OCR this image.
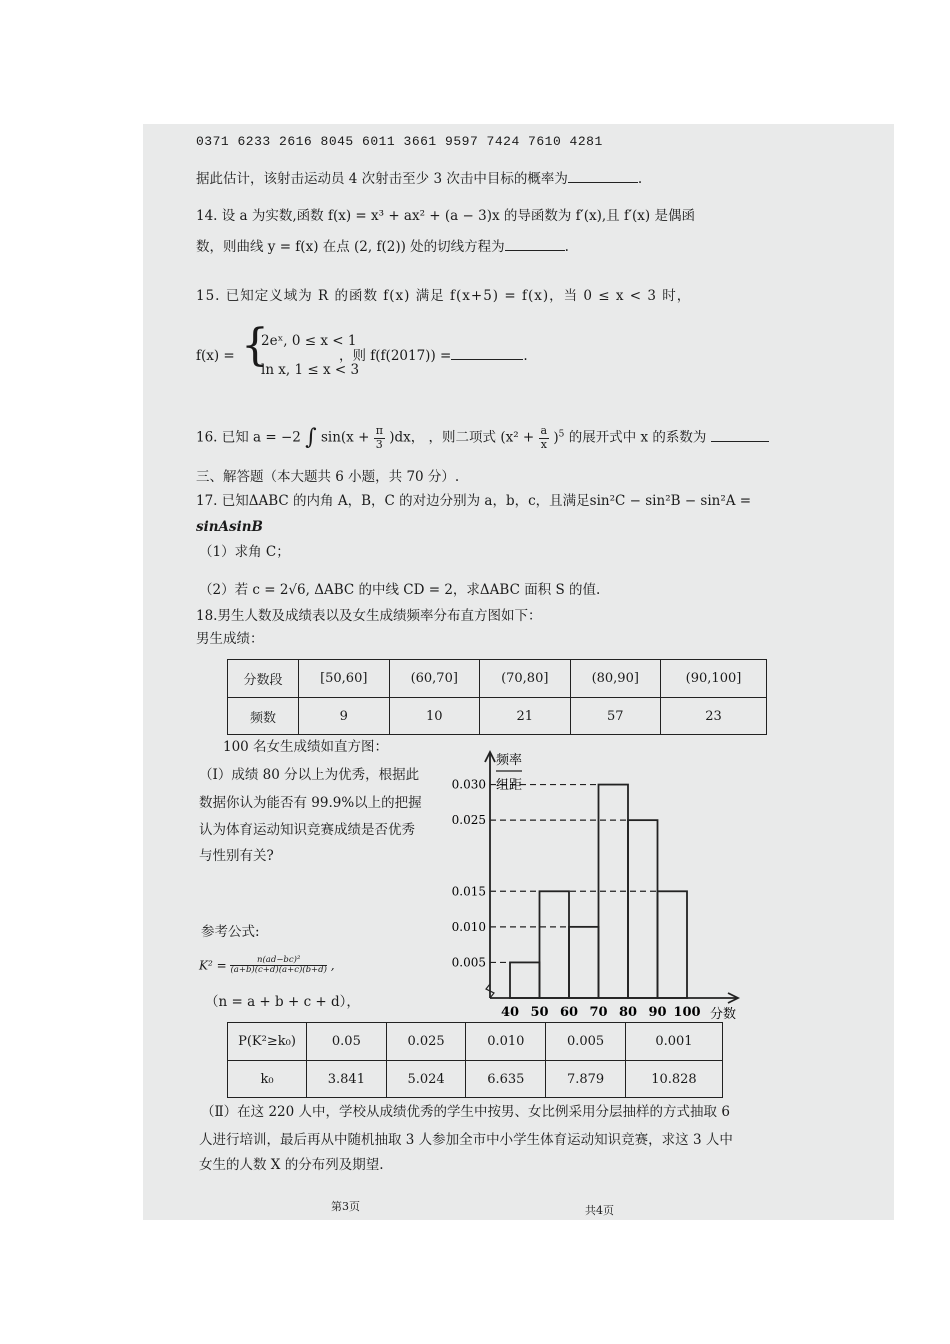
0371 6233 2616 8045 6011 3661 9597 7424 7610 4281
据此估计，该射击运动员 4 次射击至少 3 次击中目标的概率为	.
14. 设 a 为实数,函数 f(x) = x³ + ax² + (a − 3)x 的导函数为 f′(x),且 f′(x) 是偶函
数，则曲线 y = f(x) 在点 (2, f(2)) 处的切线方程为	.
15. 已知定义域为 R 的函数 f(x) 满足 f(x+5) = f(x)，当 0 ≤ x < 3 时，
f(x) = {
2eˣ, 0 ≤ x < 1
ln x, 1 ≤ x < 3
，则 f(f(2017)) =	.
16. 已知 a = −2 ∫ $\sin(x + \frac{\pi}{3} )dx$， ，则二项式 $(x^2 + \frac{a}{x} )^5$ 的展开式中 x 的系数为
三、解答题（本大题共 6 小题，共 70 分）.
17. 已知ΔABC 的内角 A，B，C 的对边分别为 a，b，c，且满足sin²C − sin²B − sin²A =
sinAsinB
（1）求角 C；
（2）若 c = 2√6, ΔABC 的中线 CD = 2，求ΔABC 面积 S 的值.
18.男生人数及成绩表以及女生成绩频率分布直方图如下：
男生成绩：
分数段	[50,60]	(60,70]	(70,80]	(80,90]	(90,100]
频数	9	10	21	57	23
100 名女生成绩如直方图：
（Ⅰ）成绩 80 分以上为优秀，根据此
数据你认为能否有 99.9%以上的把握
认为体育运动知识竞赛成绩是否优秀
与性别有关?
0.005
0.010
0.015
0.025
0.030
40 50 60 70 80 90 100
频率
组距
分数
参考公式:
$K^2 = \frac{\text{n(ad−bc)²}}{(a+b)(c+d)(a+c)(b+d)}$ ,
（n = a + b + c + d），
P(K²≥k₀)	0.05	0.025	0.010	0.005	0.001
k₀	3.841	5.024	6.635	7.879	10.828
（Ⅱ）在这 220 人中，学校从成绩优秀的学生中按男、女比例采用分层抽样的方式抽取 6
人进行培训，最后再从中随机抽取 3 人参加全市中小学生体育运动知识竞赛，求这 3 人中
女生的人数 X 的分布列及期望.
第3页	共4页
